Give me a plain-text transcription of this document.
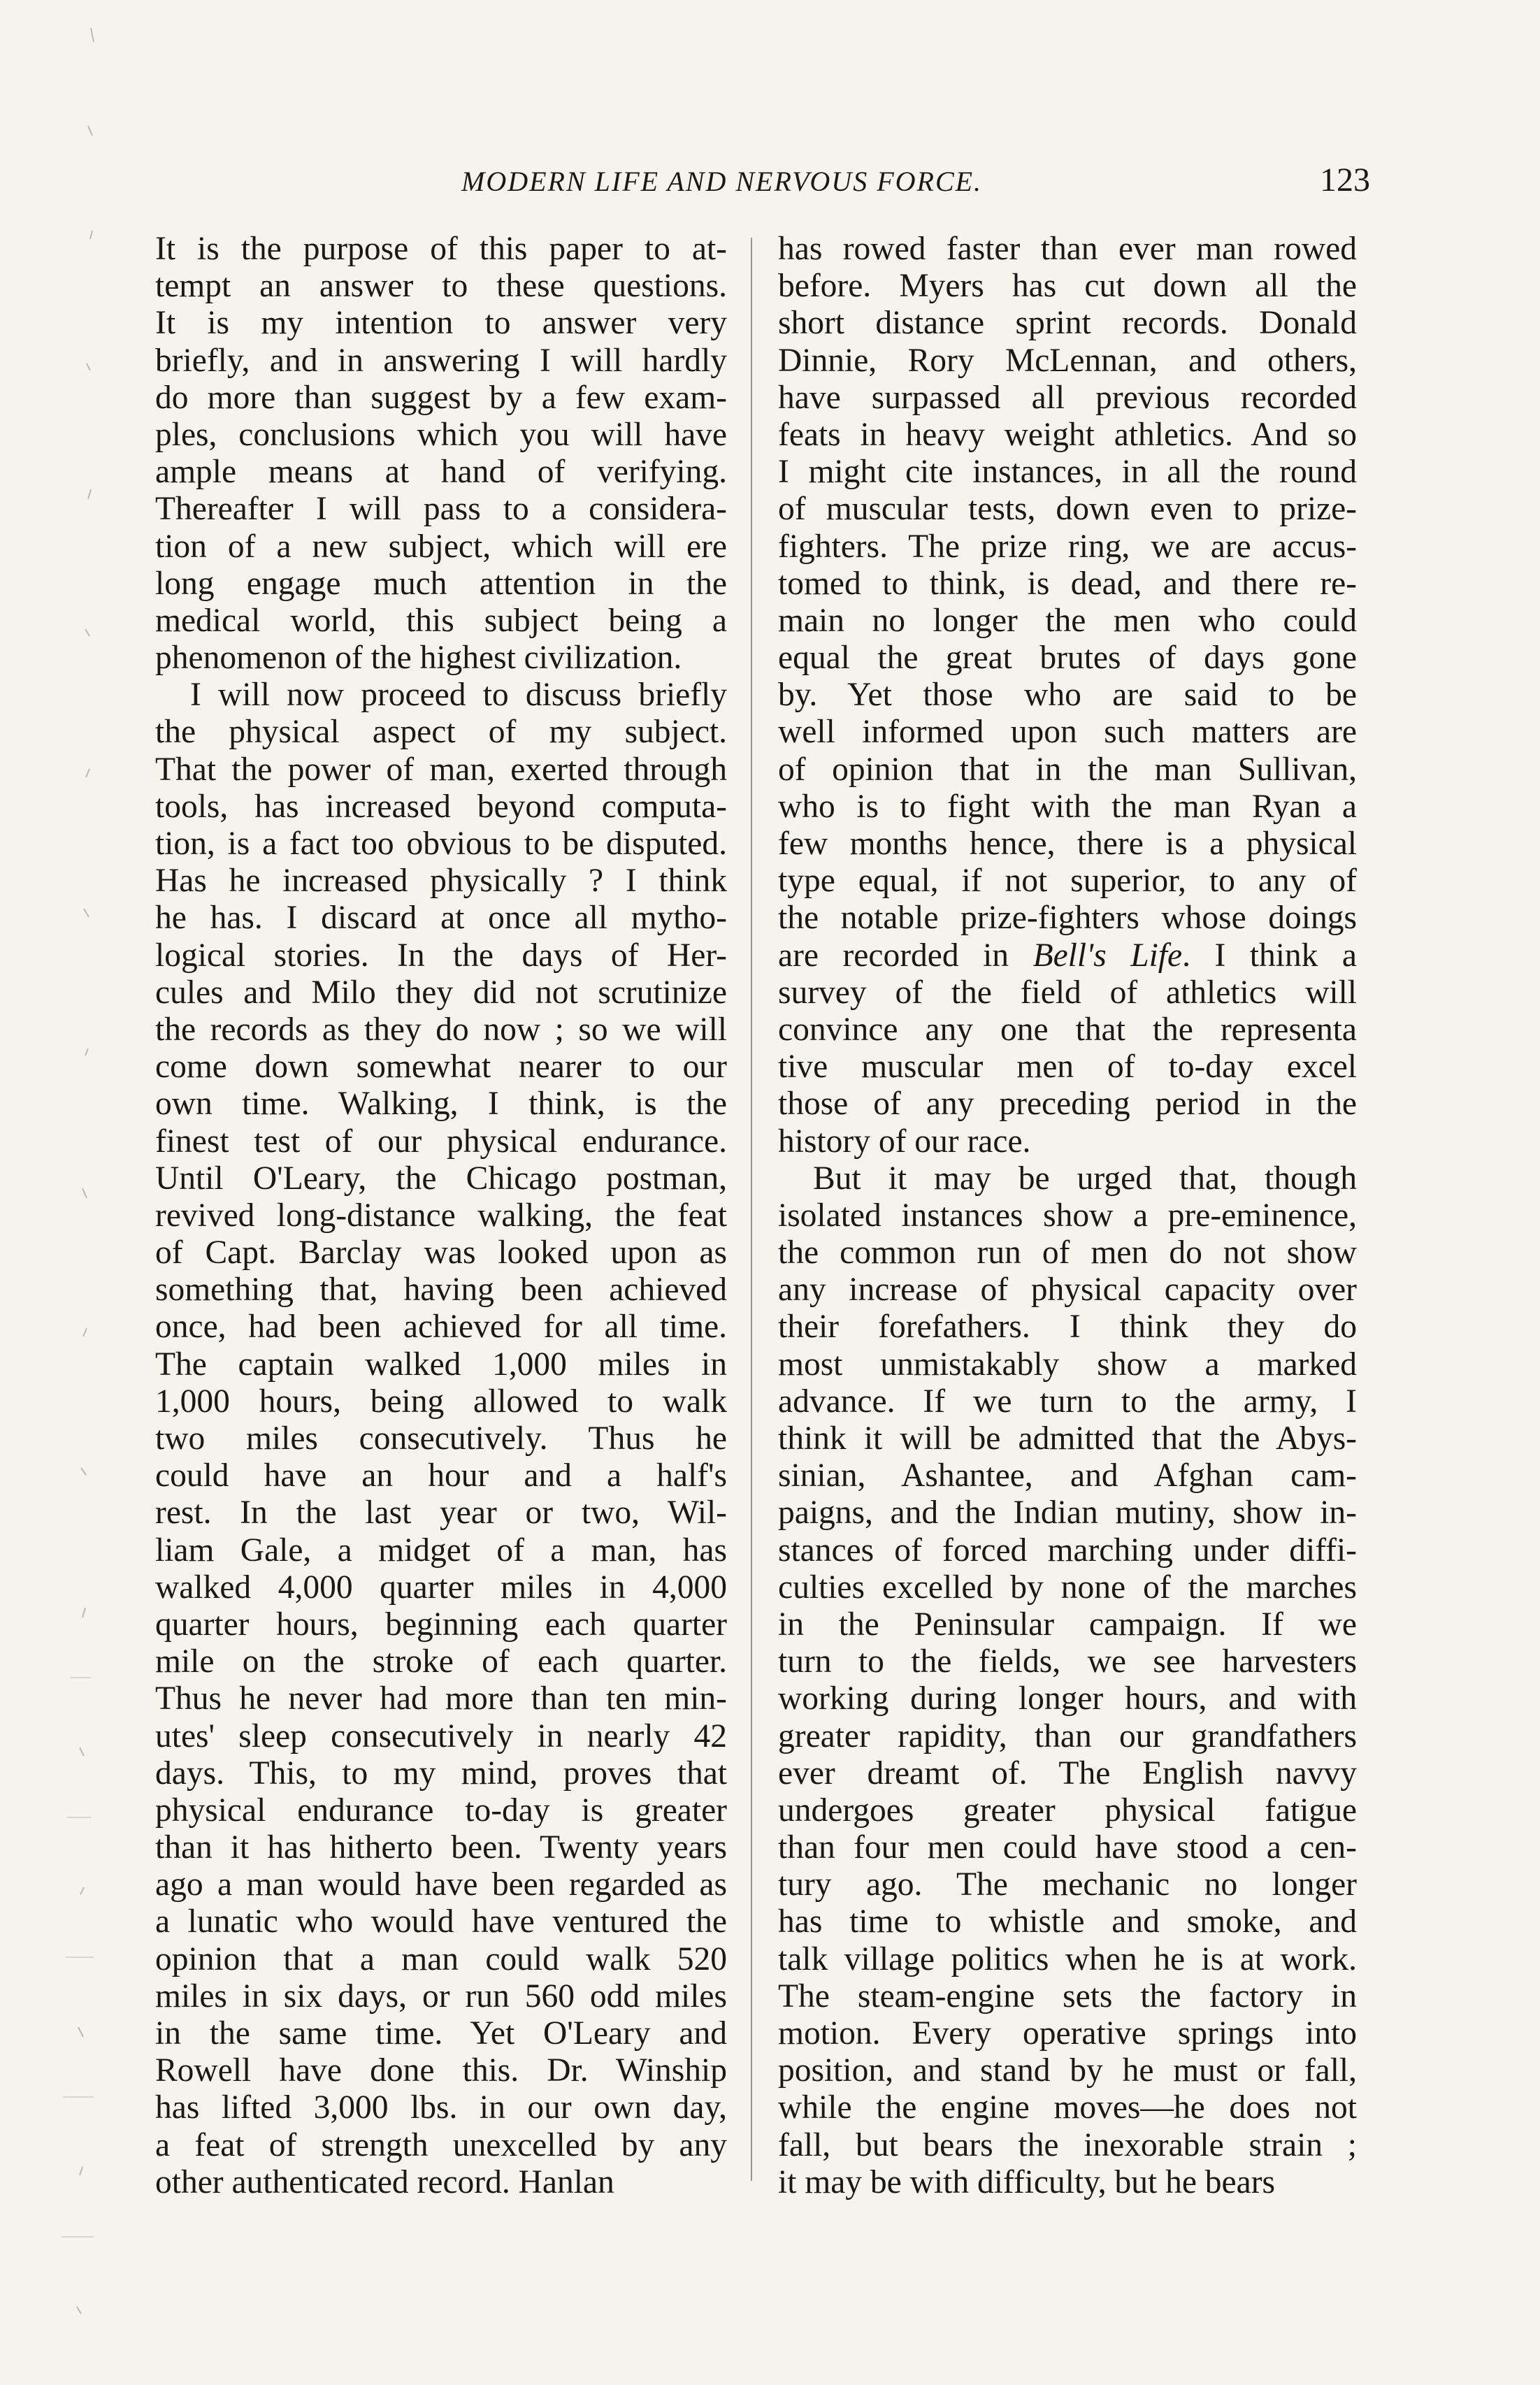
MODERN LIFE AND NERVOUS FORCE.	123

It is the purpose of this paper to at-
tempt an answer to these questions.
It is my intention to answer very
briefly, and in answering I will hardly
do more than suggest by a few exam-
ples, conclusions which you will have
ample means at hand of verifying.
Thereafter I will pass to a considera-
tion of a new subject, which will ere
long engage much attention in the
medical world, this subject being a
phenomenon of the highest civilization.

I will now proceed to discuss briefly
the physical aspect of my subject.
That the power of man, exerted through
tools, has increased beyond computa-
tion, is a fact too obvious to be disputed.
Has he increased physically ? I think
he has. I discard at once all mytho-
logical stories. In the days of Her-
cules and Milo they did not scrutinize
the records as they do now ; so we will
come down somewhat nearer to our
own time. Walking, I think, is the
finest test of our physical endurance.
Until O'Leary, the Chicago postman,
revived long-distance walking, the feat
of Capt. Barclay was looked upon as
something that, having been achieved
once, had been achieved for all time.
The captain walked 1,000 miles in
1,000 hours, being allowed to walk
two miles consecutively. Thus he
could have an hour and a half's
rest. In the last year or two, Wil-
liam Gale, a midget of a man, has
walked 4,000 quarter miles in 4,000
quarter hours, beginning each quarter
mile on the stroke of each quarter.
Thus he never had more than ten min-
utes' sleep consecutively in nearly 42
days. This, to my mind, proves that
physical endurance to-day is greater
than it has hitherto been. Twenty years
ago a man would have been regarded as
a lunatic who would have ventured the
opinion that a man could walk 520
miles in six days, or run 560 odd miles
in the same time. Yet O'Leary and
Rowell have done this. Dr. Winship
has lifted 3,000 lbs. in our own day,
a feat of strength unexcelled by any
other authenticated record. Hanlan

has rowed faster than ever man rowed
before. Myers has cut down all the
short distance sprint records. Donald
Dinnie, Rory McLennan, and others,
have surpassed all previous recorded
feats in heavy weight athletics. And so
I might cite instances, in all the round
of muscular tests, down even to prize-
fighters. The prize ring, we are accus-
tomed to think, is dead, and there re-
main no longer the men who could
equal the great brutes of days gone
by. Yet those who are said to be
well informed upon such matters are
of opinion that in the man Sullivan,
who is to fight with the man Ryan a
few months hence, there is a physical
type equal, if not superior, to any of
the notable prize-fighters whose doings
are recorded in Bell's Life. I think a
survey of the field of athletics will
convince any one that the representa
tive muscular men of to-day excel
those of any preceding period in the
history of our race.

But it may be urged that, though
isolated instances show a pre-eminence,
the common run of men do not show
any increase of physical capacity over
their forefathers. I think they do
most unmistakably show a marked
advance. If we turn to the army, I
think it will be admitted that the Abys-
sinian, Ashantee, and Afghan cam-
paigns, and the Indian mutiny, show in-
stances of forced marching under diffi-
culties excelled by none of the marches
in the Peninsular campaign. If we
turn to the fields, we see harvesters
working during longer hours, and with
greater rapidity, than our grandfathers
ever dreamt of. The English navvy
undergoes greater physical fatigue
than four men could have stood a cen-
tury ago. The mechanic no longer
has time to whistle and smoke, and
talk village politics when he is at work.
The steam-engine sets the factory in
motion. Every operative springs into
position, and stand by he must or fall,
while the engine moves—he does not
fall, but bears the inexorable strain ;
it may be with difficulty, but he bears
